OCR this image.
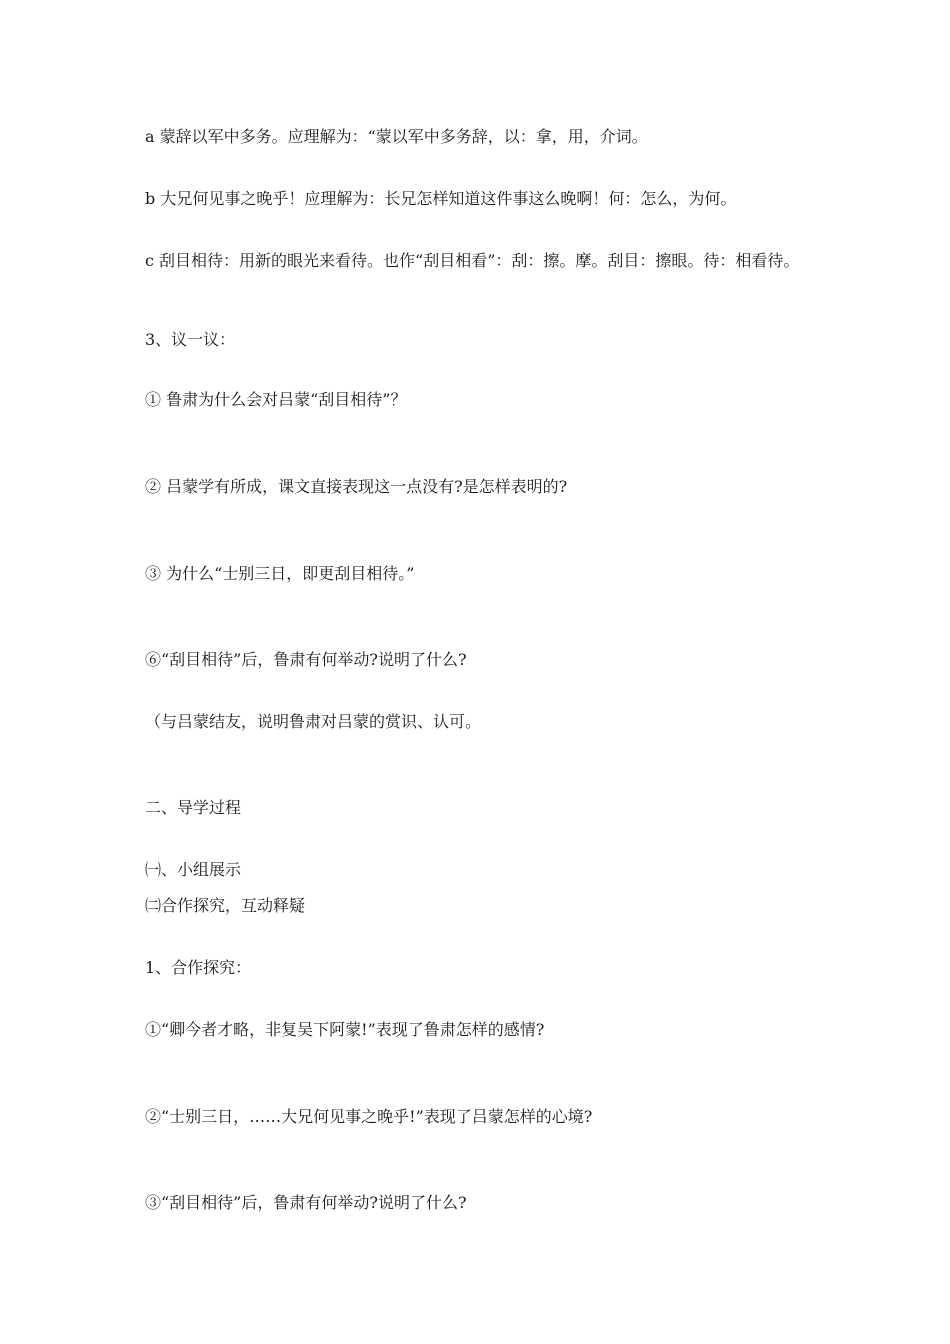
a 蒙辞以军中多务。应理解为：“蒙以军中多务辞，以：拿，用，介词。
b 大兄何见事之晚乎！应理解为：长兄怎样知道这件事这么晚啊！何：怎么，为何。
c 刮目相待：用新的眼光来看待。也作“刮目相看”：刮：擦。摩。刮目：擦眼。待：相看待。
3、议一议：
① 鲁肃为什么会对吕蒙“刮目相待”？
② 吕蒙学有所成，课文直接表现这一点没有?是怎样表明的?
③ 为什么“士别三日，即更刮目相待。”
⑥“刮目相待”后，鲁肃有何举动?说明了什么?
（与吕蒙结友，说明鲁肃对吕蒙的赏识、认可。
二、导学过程
㈠、小组展示
㈡合作探究，互动释疑
1、合作探究：
①“卿今者才略，非复吴下阿蒙!”表现了鲁肃怎样的感情?
②“士别三日，……大兄何见事之晚乎!”表现了吕蒙怎样的心境?
③“刮目相待”后，鲁肃有何举动?说明了什么?
